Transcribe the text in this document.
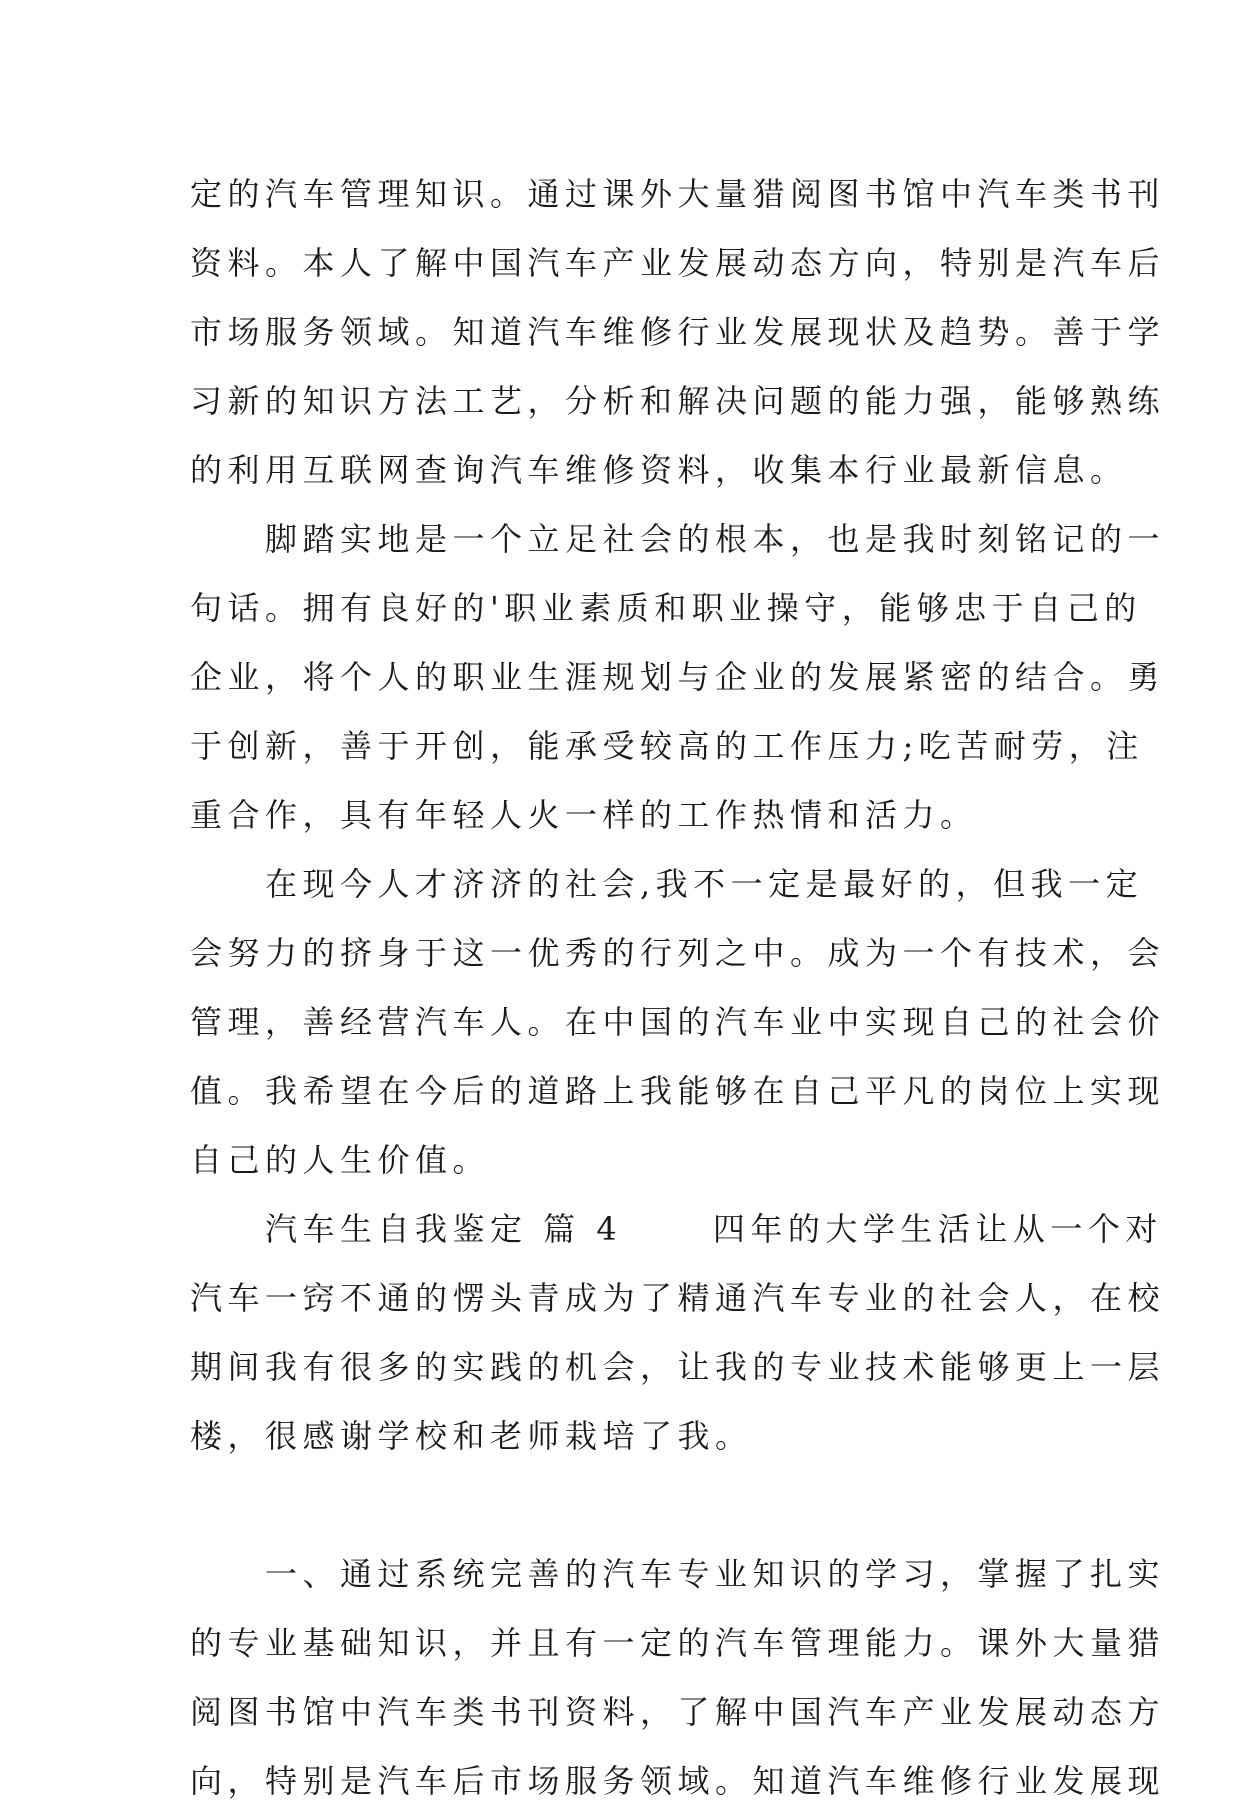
定的汽车管理知识。通过课外大量猎阅图书馆中汽车类书刊
资料。本人了解中国汽车产业发展动态方向，特别是汽车后
市场服务领域。知道汽车维修行业发展现状及趋势。善于学
习新的知识方法工艺，分析和解决问题的能力强，能够熟练
的利用互联网查询汽车维修资料，收集本行业最新信息。
　　脚踏实地是一个立足社会的根本，也是我时刻铭记的一
句话。拥有良好的'职业素质和职业操守，能够忠于自己的
企业，将个人的职业生涯规划与企业的发展紧密的结合。勇
于创新，善于开创，能承受较高的工作压力;吃苦耐劳，注
重合作，具有年轻人火一样的工作热情和活力。
　　在现今人才济济的社会,我不一定是最好的，但我一定
会努力的挤身于这一优秀的行列之中。成为一个有技术，会
管理，善经营汽车人。在中国的汽车业中实现自己的社会价
值。我希望在今后的道路上我能够在自己平凡的岗位上实现
自己的人生价值。
　　汽车生自我鉴定 篇 4 　　四年的大学生活让从一个对
汽车一窍不通的愣头青成为了精通汽车专业的社会人，在校
期间我有很多的实践的机会，让我的专业技术能够更上一层
楼，很感谢学校和老师栽培了我。
　　一、通过系统完善的汽车专业知识的学习，掌握了扎实
的专业基础知识，并且有一定的汽车管理能力。课外大量猎
阅图书馆中汽车类书刊资料，了解中国汽车产业发展动态方
向，特别是汽车后市场服务领域。知道汽车维修行业发展现
